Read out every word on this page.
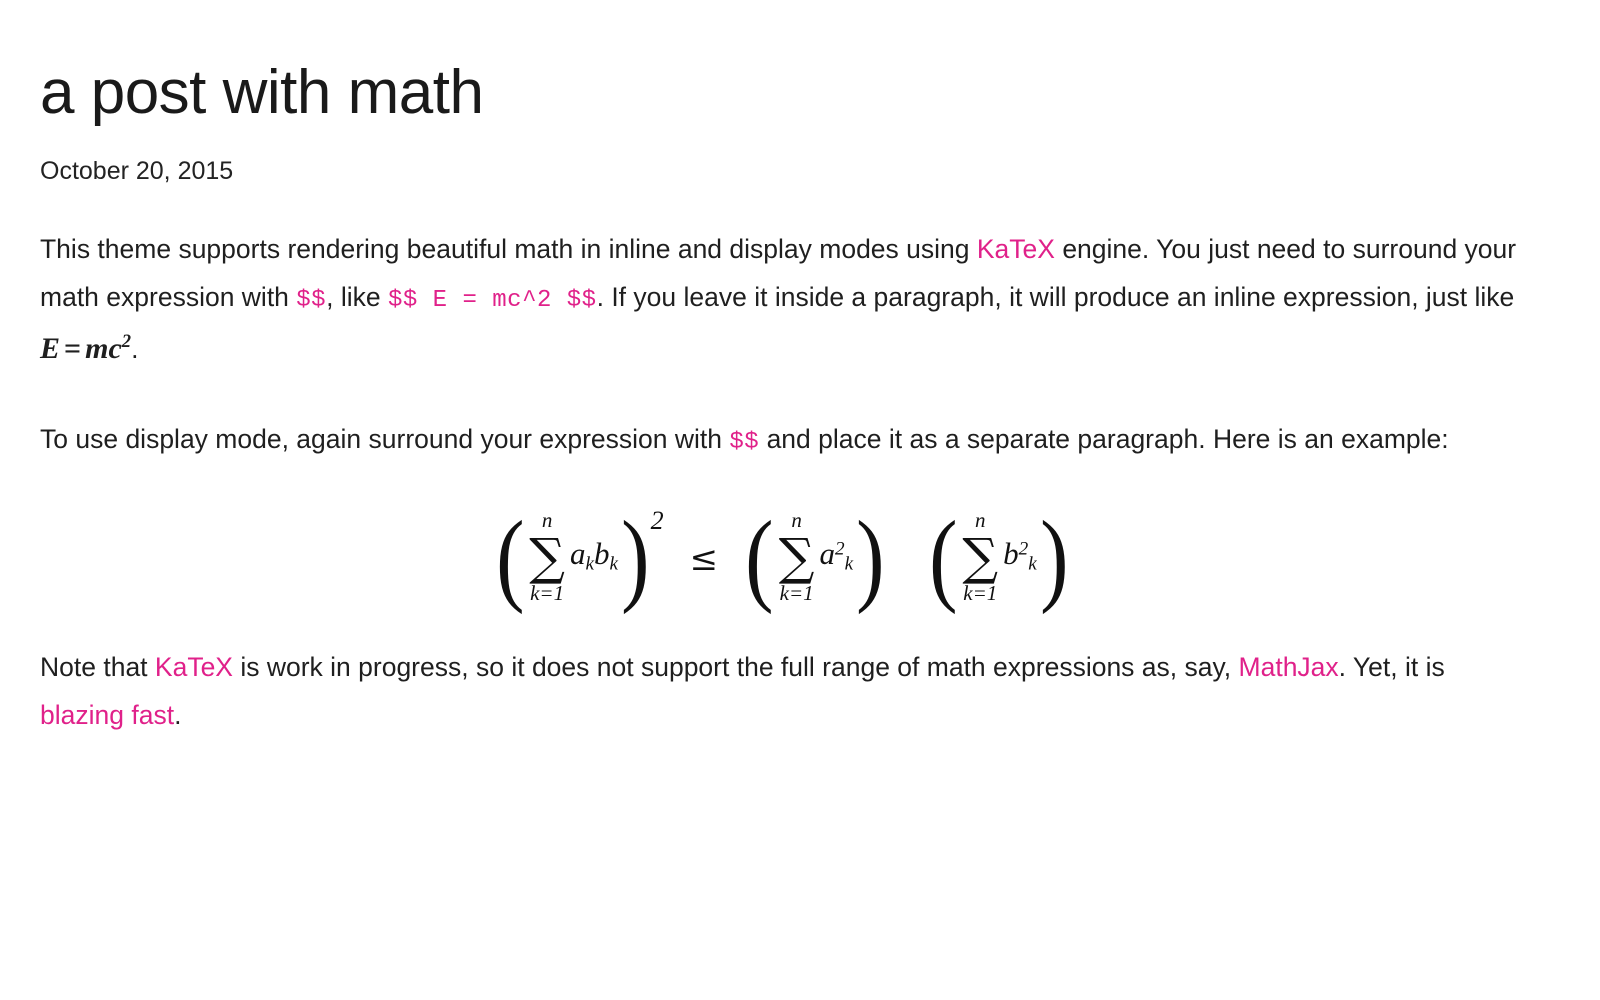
a post with math
October 20, 2015

This theme supports rendering beautiful math in inline and display modes using KaTeX engine. You just need to surround your math expression with $$, like $$ E = mc^2 $$. If you leave it inside a paragraph, it will produce an inline expression, just like $E = mc^2$.

To use display mode, again surround your expression with $$ and place it as a separate paragraph. Here is an example:

( n
∑
k=1
$a_kb_k$ ) 2
≤ ( n
∑
k=1
$a^2_k$ ) ( n
∑
k=1
$b^2_k$ )

Note that KaTeX is work in progress, so it does not support the full range of math expressions as, say, MathJax. Yet, it is blazing fast.
